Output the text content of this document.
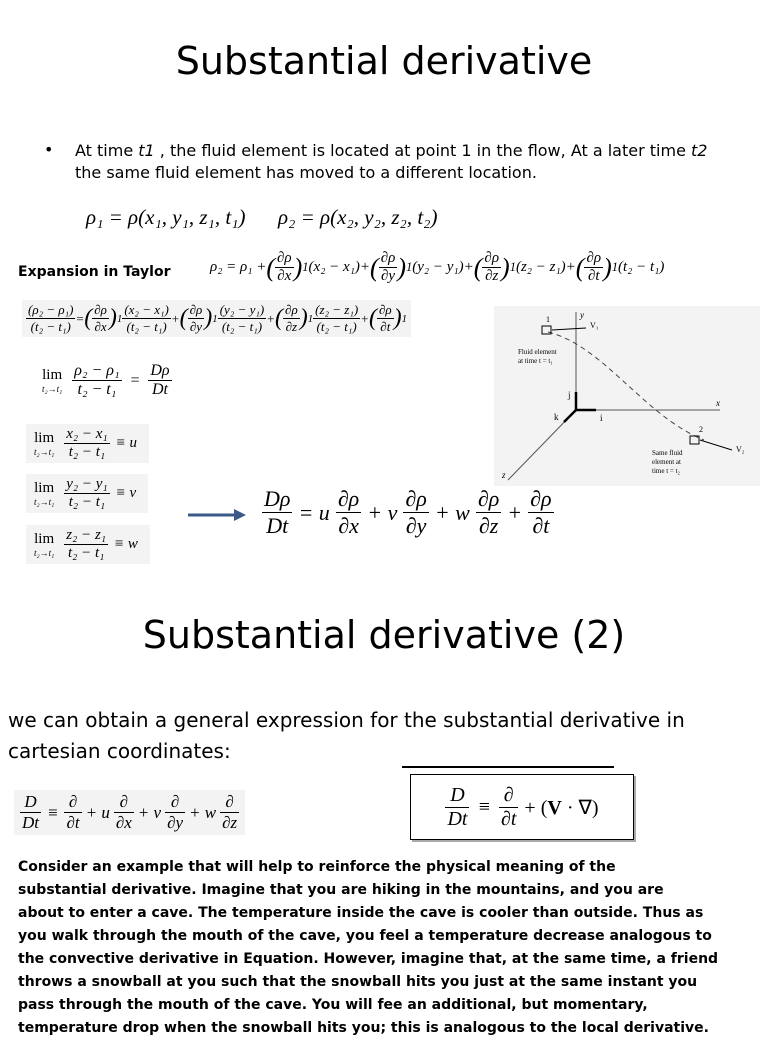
Substantial derivative
• At time t1 , the fluid element is located at point 1 in the flow, At a later time t2 the same fluid element has moved to a different location.
ρ₁ = ρ(x₁, y₁, z₁, t₁) ρ₂ = ρ(x₂, y₂, z₂, t₂)
Expansion in Taylor	ρ₂ = ρ₁ + ( $\frac{\partial\rho}{\partial x}$ ) 1 (x₂ − x₁)+ ( $\frac{\partial\rho}{\partial y}$ ) 1 (y₂ − y₁)+ ( $\frac{\partial\rho}{\partial z}$ ) 1 (z₂ − z₁)+ ( $\frac{\partial\rho}{\partial t}$ ) 1 (t₂ − t₁)
$\frac{\text{(ρ₂ − ρ₁)}}{\text{(t₂ − t₁)}}$ = ( $\frac{\partial\rho}{\partial x}$ ) $1 \frac{\text{(x₂ − x₁)}}{\text{(t₂ − t₁)}}$ + ( $\frac{\partial\rho}{\partial y}$ ) $1 \frac{\text{(y₂ − y₁)}}{\text{(t₂ − t₁)}}$ + ( $\frac{\partial\rho}{\partial z}$ ) $1 \frac{\text{(z₂ − z₁)}}{\text{(t₂ − t₁)}}$ + ( $\frac{\partial\rho}{\partial t}$ ) 1
lim
$t_2\to t_1 \frac{\text{ρ₂ − ρ₁}}{\text{t₂ − t₁}} = \frac{D\rho}{Dt}$
lim
$t_2\to t_1 \frac{\text{x₂ − x₁}}{\text{t₂ − t₁}} \equiv u$
lim
$t_2\to t_1 \frac{\text{y₂ − y₁}}{\text{t₂ − t₁}} \equiv v$
lim
$t_2\to t_1 \frac{\text{z₂ − z₁}}{\text{t₂ − t₁}} \equiv w$
$\frac{D\rho}{Dt} = u \frac{\partial\rho}{\partial x} + v \frac{\partial\rho}{\partial y} + w \frac{\partial\rho}{\partial z} + \frac{\partial\rho}{\partial t}$
j
i
k
y
x
z
1
V₁
Fluid element
at time t = t₁
2
V₂
Same fluid
element at
time t = t₂
Substantial derivative (2)
we can obtain a general expression for the substantial derivative in
cartesian coordinates:
$\frac{D}{Dt} \equiv \frac{\partial}{\partial t} + u \frac{\partial}{\partial x} + v \frac{\partial}{\partial y} + w \frac{\partial}{\partial z}$	$\frac{D}{Dt} \equiv \frac{\partial}{\partial t} + (V$ · ∇)
Consider an example that will help to reinforce the physical meaning of the
substantial derivative. Imagine that you are hiking in the mountains, and you are
about to enter a cave. The temperature inside the cave is cooler than outside. Thus as
you walk through the mouth of the cave, you feel a temperature decrease analogous to
the convective derivative in Equation. However, imagine that, at the same time, a friend
throws a snowball at you such that the snowball hits you just at the same instant you
pass through the mouth of the cave. You will fee an additional, but momentary,
temperature drop when the snowball hits you; this is analogous to the local derivative.
